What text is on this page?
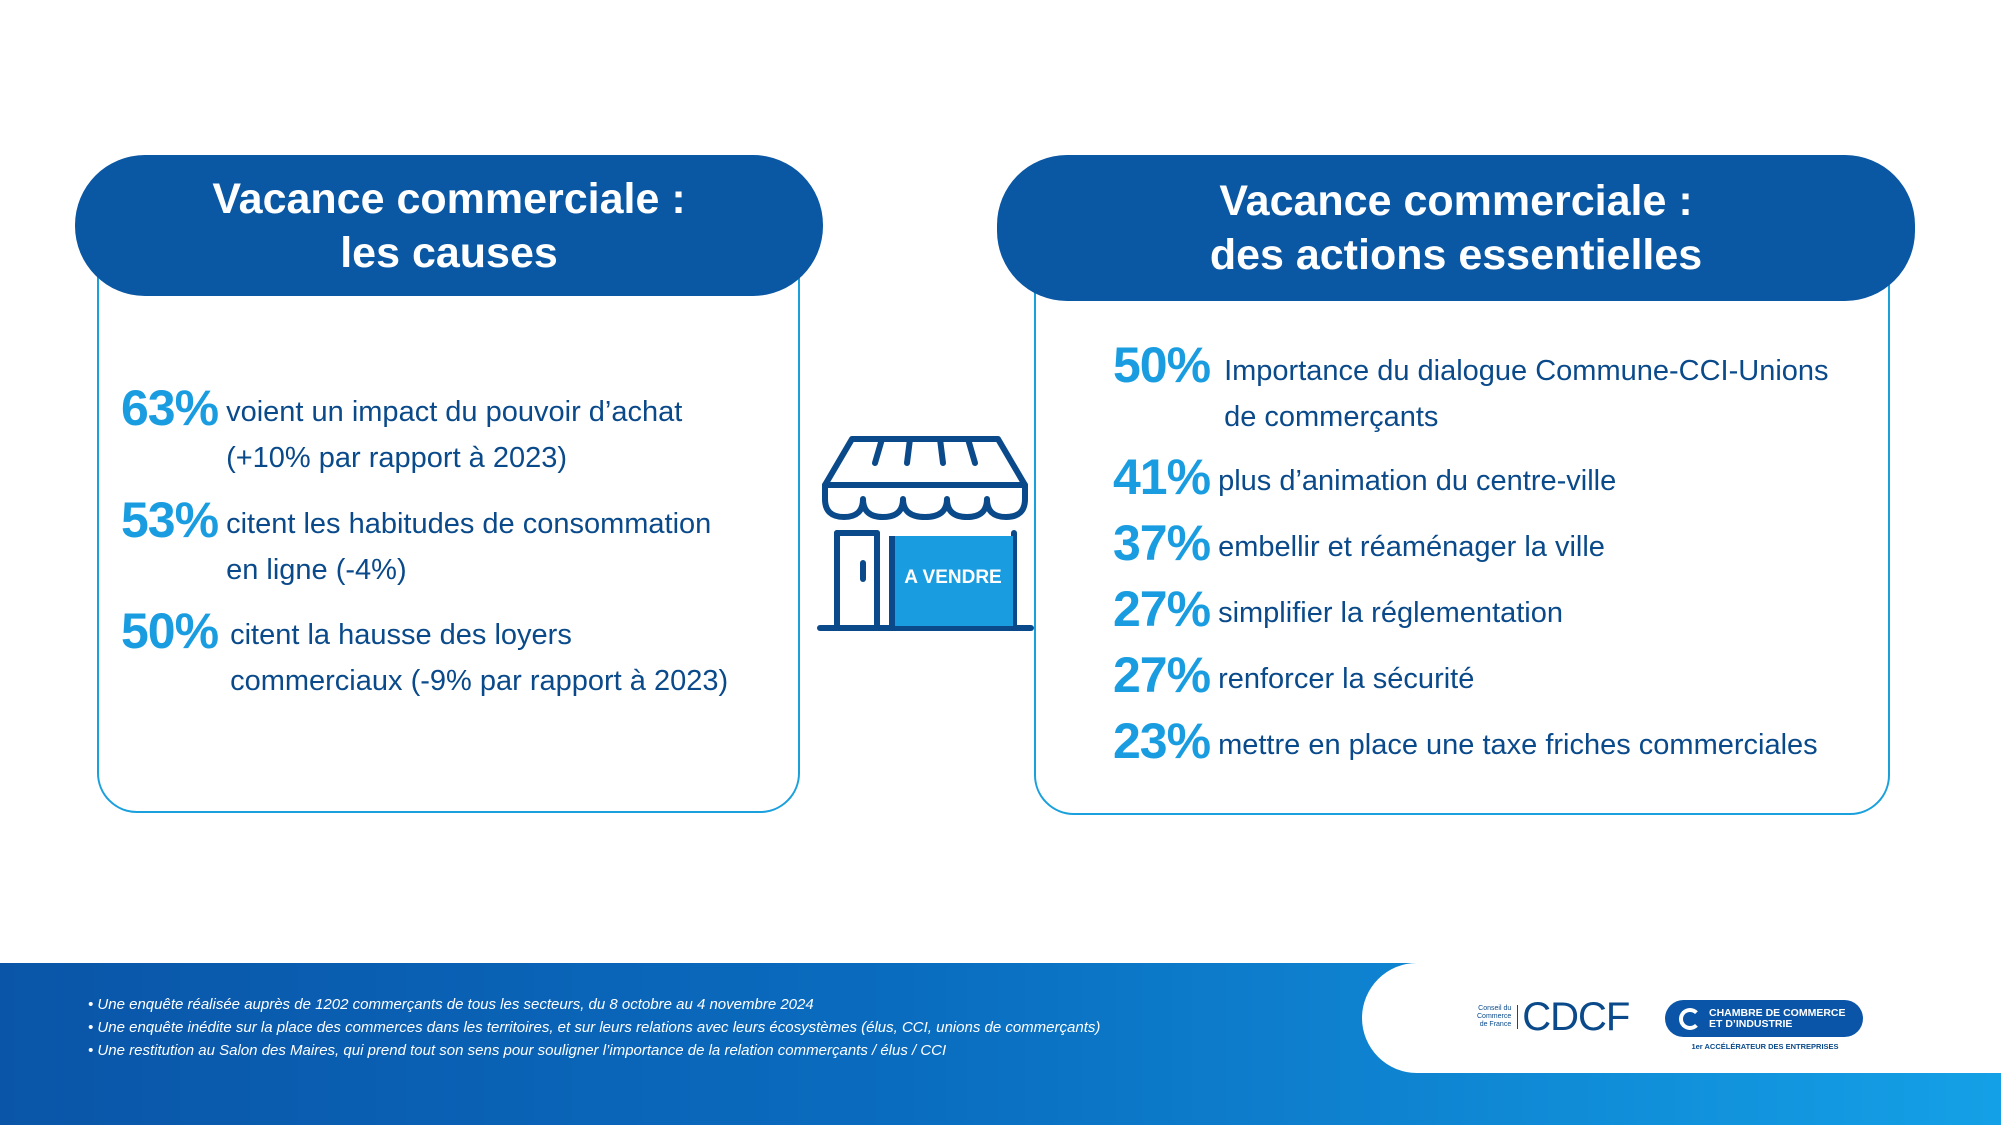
Vacance commerciale :
les causes
63% voient un impact du pouvoir d’achat
(+10% par rapport à 2023)
53% citent les habitudes de consommation
en ligne (-4%)
50% citent la hausse des loyers
commerciaux (-9% par rapport à 2023)
A VENDRE
Vacance commerciale :
des actions essentielles
50% Importance du dialogue Commune-CCI-Unions
de commerçants
41% plus d’animation du centre-ville
37% embellir et réaménager la ville
27% simplifier la réglementation
27% renforcer la sécurité
23% mettre en place une taxe friches commerciales
• Une enquête réalisée auprès de 1202 commerçants de tous les secteurs, du 8 octobre au 4 novembre 2024
• Une enquête inédite sur la place des commerces dans les territoires, et sur leurs relations avec leurs écosystèmes (élus, CCI, unions de commerçants)
• Une restitution au Salon des Maires, qui prend tout son sens pour souligner l’importance de la relation commerçants / élus / CCI
Conseil du
Commerce
de France CDCF	CHAMBRE DE COMMERCE
ET D’INDUSTRIE
1er ACCÉLÉRATEUR DES ENTREPRISES
